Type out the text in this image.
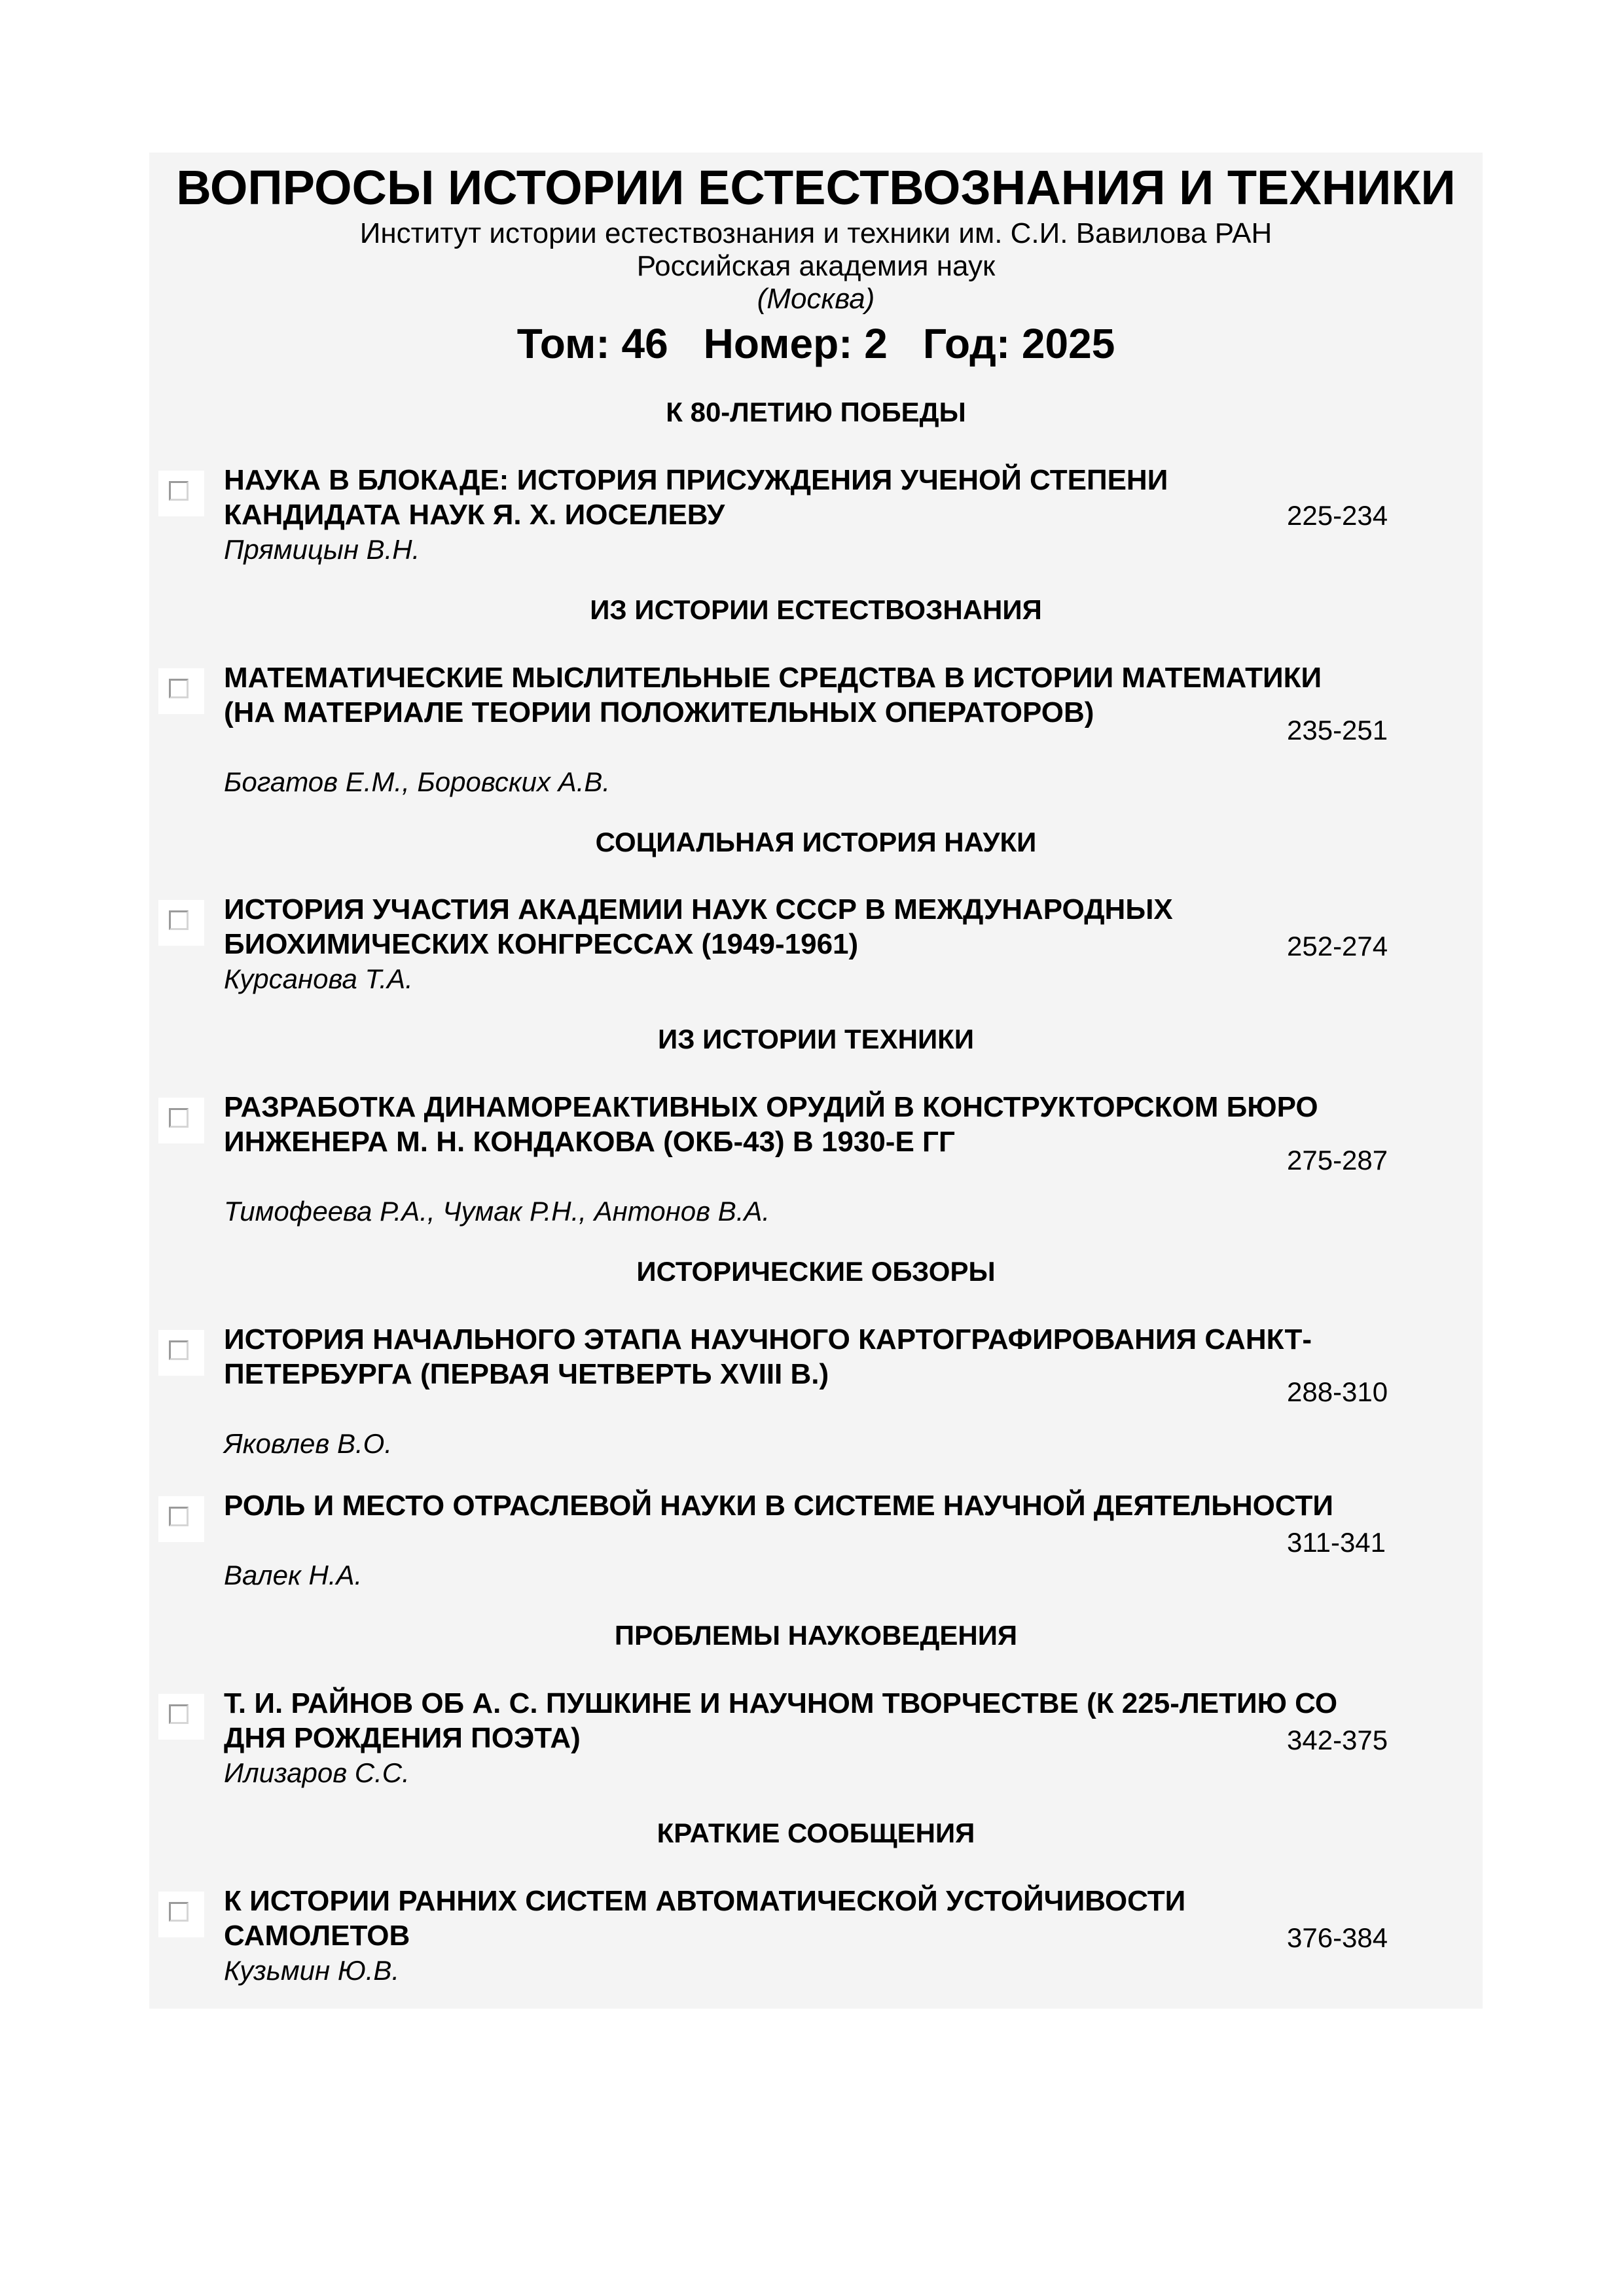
ВОПРОСЫ ИСТОРИИ ЕСТЕСТВОЗНАНИЯ И ТЕХНИКИ
Институт истории естествознания и техники им. С.И. Вавилова РАН
Российская академия наук
(Москва)
Том: 46 Номер: 2 Год: 2025
К 80-ЛЕТИЮ ПОБЕДЫ
НАУКА В БЛОКАДЕ: ИСТОРИЯ ПРИСУЖДЕНИЯ УЧЕНОЙ СТЕПЕНИ КАНДИДАТА НАУК Я. Х. ИОСЕЛЕВУ
Прямицын В.Н.
225-234
ИЗ ИСТОРИИ ЕСТЕСТВОЗНАНИЯ
МАТЕМАТИЧЕСКИЕ МЫСЛИТЕЛЬНЫЕ СРЕДСТВА В ИСТОРИИ МАТЕМАТИКИ (НА МАТЕРИАЛЕ ТЕОРИИ ПОЛОЖИТЕЛЬНЫХ ОПЕРАТОРОВ)
Богатов Е.М., Боровских А.В.
235-251
СОЦИАЛЬНАЯ ИСТОРИЯ НАУКИ
ИСТОРИЯ УЧАСТИЯ АКАДЕМИИ НАУК СССР В МЕЖДУНАРОДНЫХ БИОХИМИЧЕСКИХ КОНГРЕССАХ (1949-1961)
Курсанова Т.А.
252-274
ИЗ ИСТОРИИ ТЕХНИКИ
РАЗРАБОТКА ДИНАМОРЕАКТИВНЫХ ОРУДИЙ В КОНСТРУКТОРСКОМ БЮРО ИНЖЕНЕРА М. Н. КОНДАКОВА (ОКБ-43) В 1930-Е ГГ
Тимофеева Р.А., Чумак Р.Н., Антонов В.А.
275-287
ИСТОРИЧЕСКИЕ ОБЗОРЫ
ИСТОРИЯ НАЧАЛЬНОГО ЭТАПА НАУЧНОГО КАРТОГРАФИРОВАНИЯ САНКТ-ПЕТЕРБУРГА (ПЕРВАЯ ЧЕТВЕРТЬ XVIII В.)
Яковлев В.О.
288-310
РОЛЬ И МЕСТО ОТРАСЛЕВОЙ НАУКИ В СИСТЕМЕ НАУЧНОЙ ДЕЯТЕЛЬНОСТИ
Валек Н.А.
311-341
ПРОБЛЕМЫ НАУКОВЕДЕНИЯ
Т. И. РАЙНОВ ОБ А. С. ПУШКИНЕ И НАУЧНОМ ТВОРЧЕСТВЕ (К 225-ЛЕТИЮ СО ДНЯ РОЖДЕНИЯ ПОЭТА)
Илизаров С.С.
342-375
КРАТКИЕ СООБЩЕНИЯ
К ИСТОРИИ РАННИХ СИСТЕМ АВТОМАТИЧЕСКОЙ УСТОЙЧИВОСТИ САМОЛЕТОВ
Кузьмин Ю.В.
376-384
